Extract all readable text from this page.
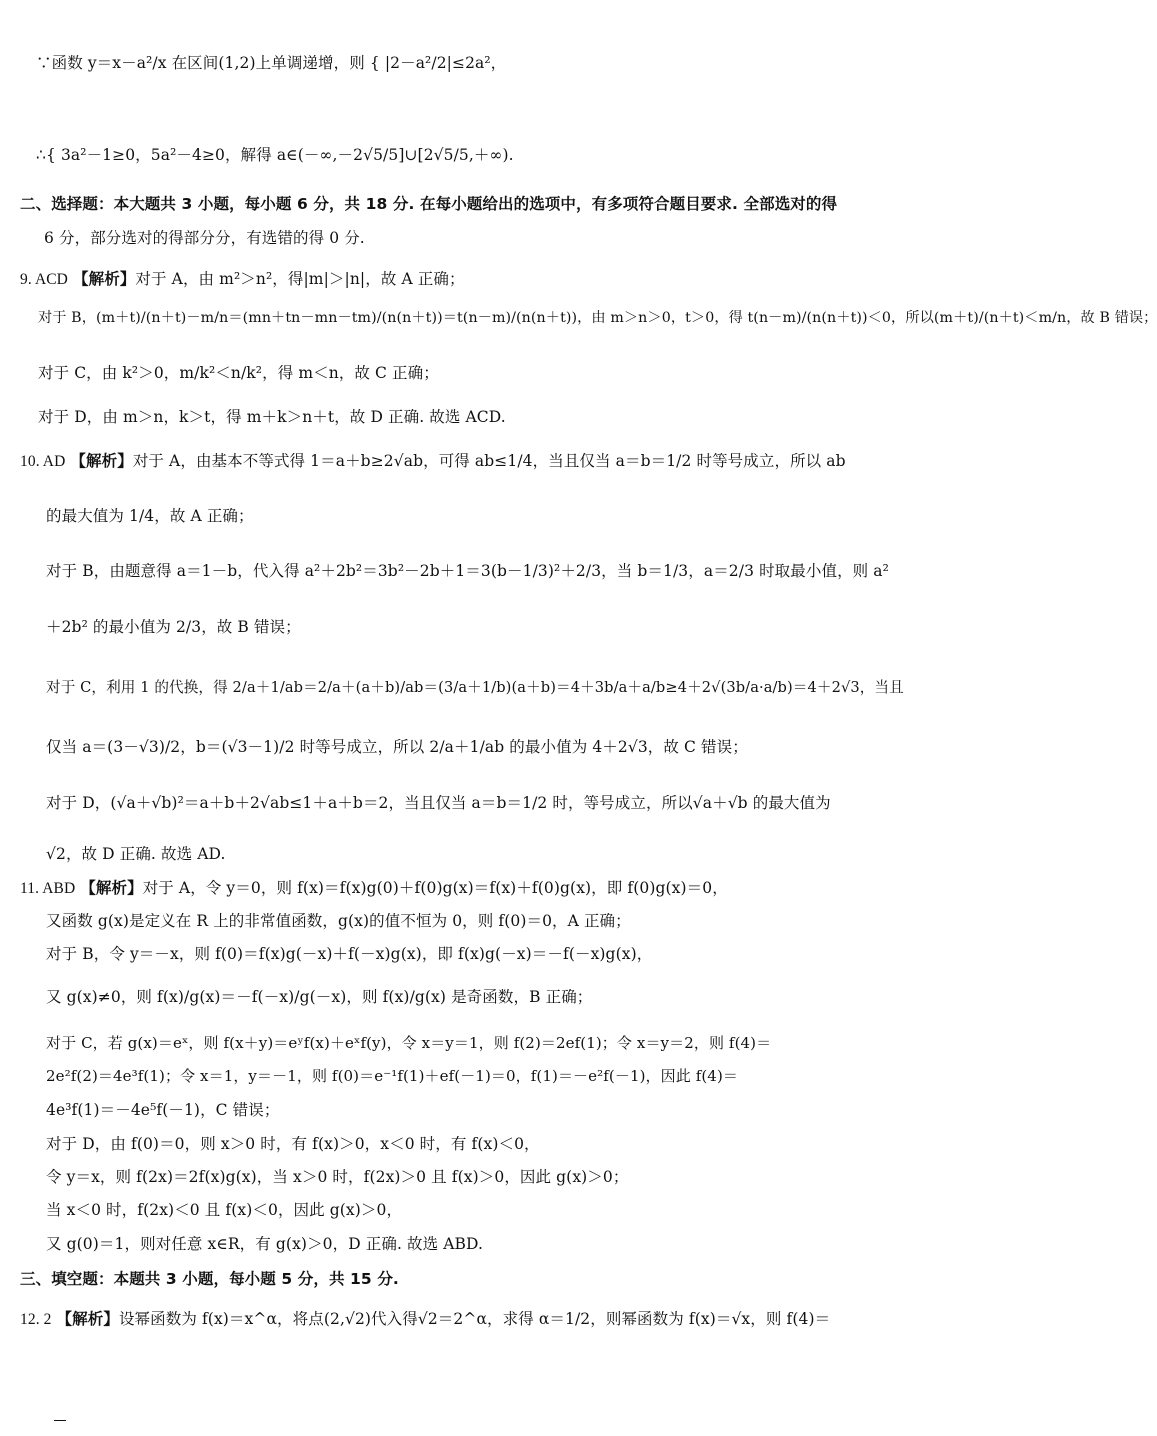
∵函数 y＝x－a²/x 在区间(1,2)上单调递增，则 { |2－a²/2|≤2a²，
∴{ 3a²－1≥0，5a²－4≥0，解得 a∈(－∞,－2√5/5]∪[2√5/5,＋∞).
二、选择题：本大题共 3 小题，每小题 6 分，共 18 分. 在每小题给出的选项中，有多项符合题目要求. 全部选对的得
6 分，部分选对的得部分分，有选错的得 0 分.
9. ACD 【解析】对于 A，由 m²＞n²，得|m|＞|n|，故 A 正确；
对于 B，(m＋t)/(n＋t)－m/n＝(mn＋tn－mn－tm)/(n(n＋t))＝t(n－m)/(n(n＋t))，由 m＞n＞0，t＞0，得 t(n－m)/(n(n＋t))＜0，所以(m＋t)/(n＋t)＜m/n，故 B 错误；
对于 C，由 k²＞0，m/k²＜n/k²，得 m＜n，故 C 正确；
对于 D，由 m＞n，k＞t，得 m＋k＞n＋t，故 D 正确. 故选 ACD.
10. AD 【解析】对于 A，由基本不等式得 1＝a＋b≥2√ab，可得 ab≤1/4，当且仅当 a＝b＝1/2 时等号成立，所以 ab
的最大值为 1/4，故 A 正确；
对于 B，由题意得 a＝1－b，代入得 a²＋2b²＝3b²－2b＋1＝3(b－1/3)²＋2/3，当 b＝1/3，a＝2/3 时取最小值，则 a²
＋2b² 的最小值为 2/3，故 B 错误；
对于 C，利用 1 的代换，得 2/a＋1/ab＝2/a＋(a＋b)/ab＝(3/a＋1/b)(a＋b)＝4＋3b/a＋a/b≥4＋2√(3b/a·a/b)＝4＋2√3，当且
仅当 a＝(3－√3)/2，b＝(√3－1)/2 时等号成立，所以 2/a＋1/ab 的最小值为 4＋2√3，故 C 错误；
对于 D，(√a＋√b)²＝a＋b＋2√ab≤1＋a＋b＝2，当且仅当 a＝b＝1/2 时，等号成立，所以√a＋√b 的最大值为
√2，故 D 正确. 故选 AD.
11. ABD 【解析】对于 A，令 y＝0，则 f(x)＝f(x)g(0)＋f(0)g(x)＝f(x)＋f(0)g(x)，即 f(0)g(x)＝0，
又函数 g(x)是定义在 R 上的非常值函数，g(x)的值不恒为 0，则 f(0)＝0，A 正确；
对于 B，令 y＝－x，则 f(0)＝f(x)g(－x)＋f(－x)g(x)，即 f(x)g(－x)＝－f(－x)g(x)，
又 g(x)≠0，则 f(x)/g(x)＝－f(－x)/g(－x)，则 f(x)/g(x) 是奇函数，B 正确；
对于 C，若 g(x)＝eˣ，则 f(x＋y)＝eʸf(x)＋eˣf(y)，令 x＝y＝1，则 f(2)＝2ef(1)；令 x＝y＝2，则 f(4)＝
2e²f(2)＝4e³f(1)；令 x＝1，y＝－1，则 f(0)＝e⁻¹f(1)＋ef(－1)＝0，f(1)＝－e²f(－1)，因此 f(4)＝
4e³f(1)＝－4e⁵f(－1)，C 错误；
对于 D，由 f(0)＝0，则 x＞0 时，有 f(x)＞0，x＜0 时，有 f(x)＜0，
令 y＝x，则 f(2x)＝2f(x)g(x)，当 x＞0 时，f(2x)＞0 且 f(x)＞0，因此 g(x)＞0；
当 x＜0 时，f(2x)＜0 且 f(x)＜0，因此 g(x)＞0，
又 g(0)＝1，则对任意 x∈R，有 g(x)＞0，D 正确. 故选 ABD.
三、填空题：本题共 3 小题，每小题 5 分，共 15 分.
12. 2 【解析】设幂函数为 f(x)＝x^α，将点(2,√2)代入得√2＝2^α，求得 α＝1/2，则幂函数为 f(x)＝√x，则 f(4)＝
